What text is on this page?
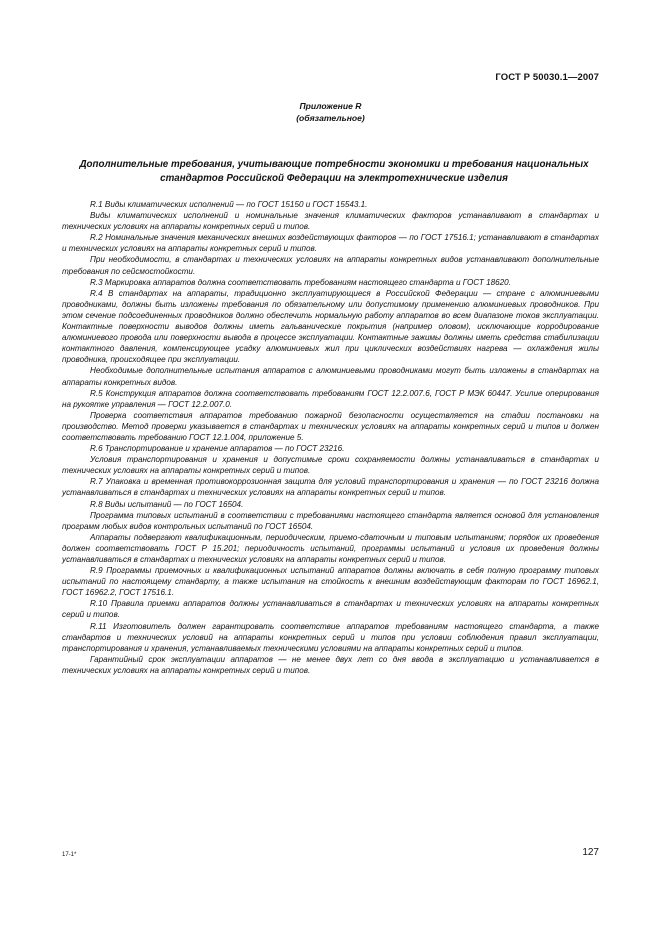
ГОСТ Р 50030.1—2007
Приложение R
(обязательное)
Дополнительные требования, учитывающие потребности экономики и требования национальных стандартов Российской Федерации на электротехнические изделия

R.1 Виды климатических исполнений — по ГОСТ 15150 и ГОСТ 15543.1.

Виды климатических исполнений и номинальные значения климатических факторов устанавливают в стандартах и технических условиях на аппараты конкретных серий и типов.

R.2 Номинальные значения механических внешних воздействующих факторов — по ГОСТ 17516.1; устанавливают в стандартах и технических условиях на аппараты конкретных серий и типов.

При необходимости, в стандартах и технических условиях на аппараты конкретных видов устанавливают дополнительные требования по сейсмостойкости.

R.3 Маркировка аппаратов должна соответствовать требованиям настоящего стандарта и ГОСТ 18620.

R.4 В стандартах на аппараты, традиционно эксплуатирующиеся в Российской Федерации — стране с алюминиевыми проводниками, должны быть изложены требования по обязательному или допустимому применению алюминиевых проводников. При этом сечение подсоединенных проводников должно обеспечить нормальную работу аппаратов во всем диапазоне токов эксплуатации. Контактные поверхности выводов должны иметь гальванические покрытия (например оловом), исключающие корродирование алюминиевого провода или поверхности вывода в процессе эксплуатации. Контактные зажимы должны иметь средства стабилизации контактного давления, компенсирующее усадку алюминиевых жил при циклических воздействиях нагрева — охлаждения жилы проводника, происходящее при эксплуатации.

Необходимые дополнительные испытания аппаратов с алюминиевыми проводниками могут быть изложены в стандартах на аппараты конкретных видов.

R.5 Конструкция аппаратов должна соответствовать требованиям ГОСТ 12.2.007.6, ГОСТ Р МЭК 60447. Усилие оперирования на рукоятке управления — ГОСТ 12.2.007.0.

Проверка соответствия аппаратов требованию пожарной безопасности осуществляется на стадии постановки на производство. Метод проверки указывается в стандартах и технических условиях на аппараты конкретных серий и типов и должен соответствовать требованию ГОСТ 12.1.004, приложение 5.

R.6 Транспортирование и хранение аппаратов — по ГОСТ 23216.

Условия транспортирования и хранения и допустимые сроки сохраняемости должны устанавливаться в стандартах и технических условиях на аппараты конкретных серий и типов.

R.7 Упаковка и временная противокоррозионная защита для условий транспортирования и хранения — по ГОСТ 23216 должна устанавливаться в стандартах и технических условиях на аппараты конкретных серий и типов.

R.8 Виды испытаний — по ГОСТ 16504.

Программа типовых испытаний в соответствии с требованиями настоящего стандарта является основой для установления программ любых видов контрольных испытаний по ГОСТ 16504.

Аппараты подвергают квалификационным, периодическим, приемо-сдаточным и типовым испытаниям; порядок их проведения должен соответствовать ГОСТ Р 15.201; периодичность испытаний, программы испытаний и условия их проведения должны устанавливаться в стандартах и технических условиях на аппараты конкретных серий и типов.

R.9 Программы приемочных и квалификационных испытаний аппаратов должны включать в себя полную программу типовых испытаний по настоящему стандарту, а также испытания на стойкость к внешним воздействующим факторам по ГОСТ 16962.1, ГОСТ 16962.2, ГОСТ 17516.1.

R.10 Правила приемки аппаратов должны устанавливаться в стандартах и технических условиях на аппараты конкретных серий и типов.

R.11 Изготовитель должен гарантировать соответствие аппаратов требованиям настоящего стандарта, а также стандартов и технических условий на аппараты конкретных серий и типов при условии соблюдения правил эксплуатации, транспортирования и хранения, устанавливаемых техническими условиями на аппараты конкретных серий и типов.

Гарантийный срок эксплуатации аппаратов — не менее двух лет со дня ввода в эксплуатацию и устанавливается в технических условиях на аппараты конкретных серий и типов.

17-1*	127
